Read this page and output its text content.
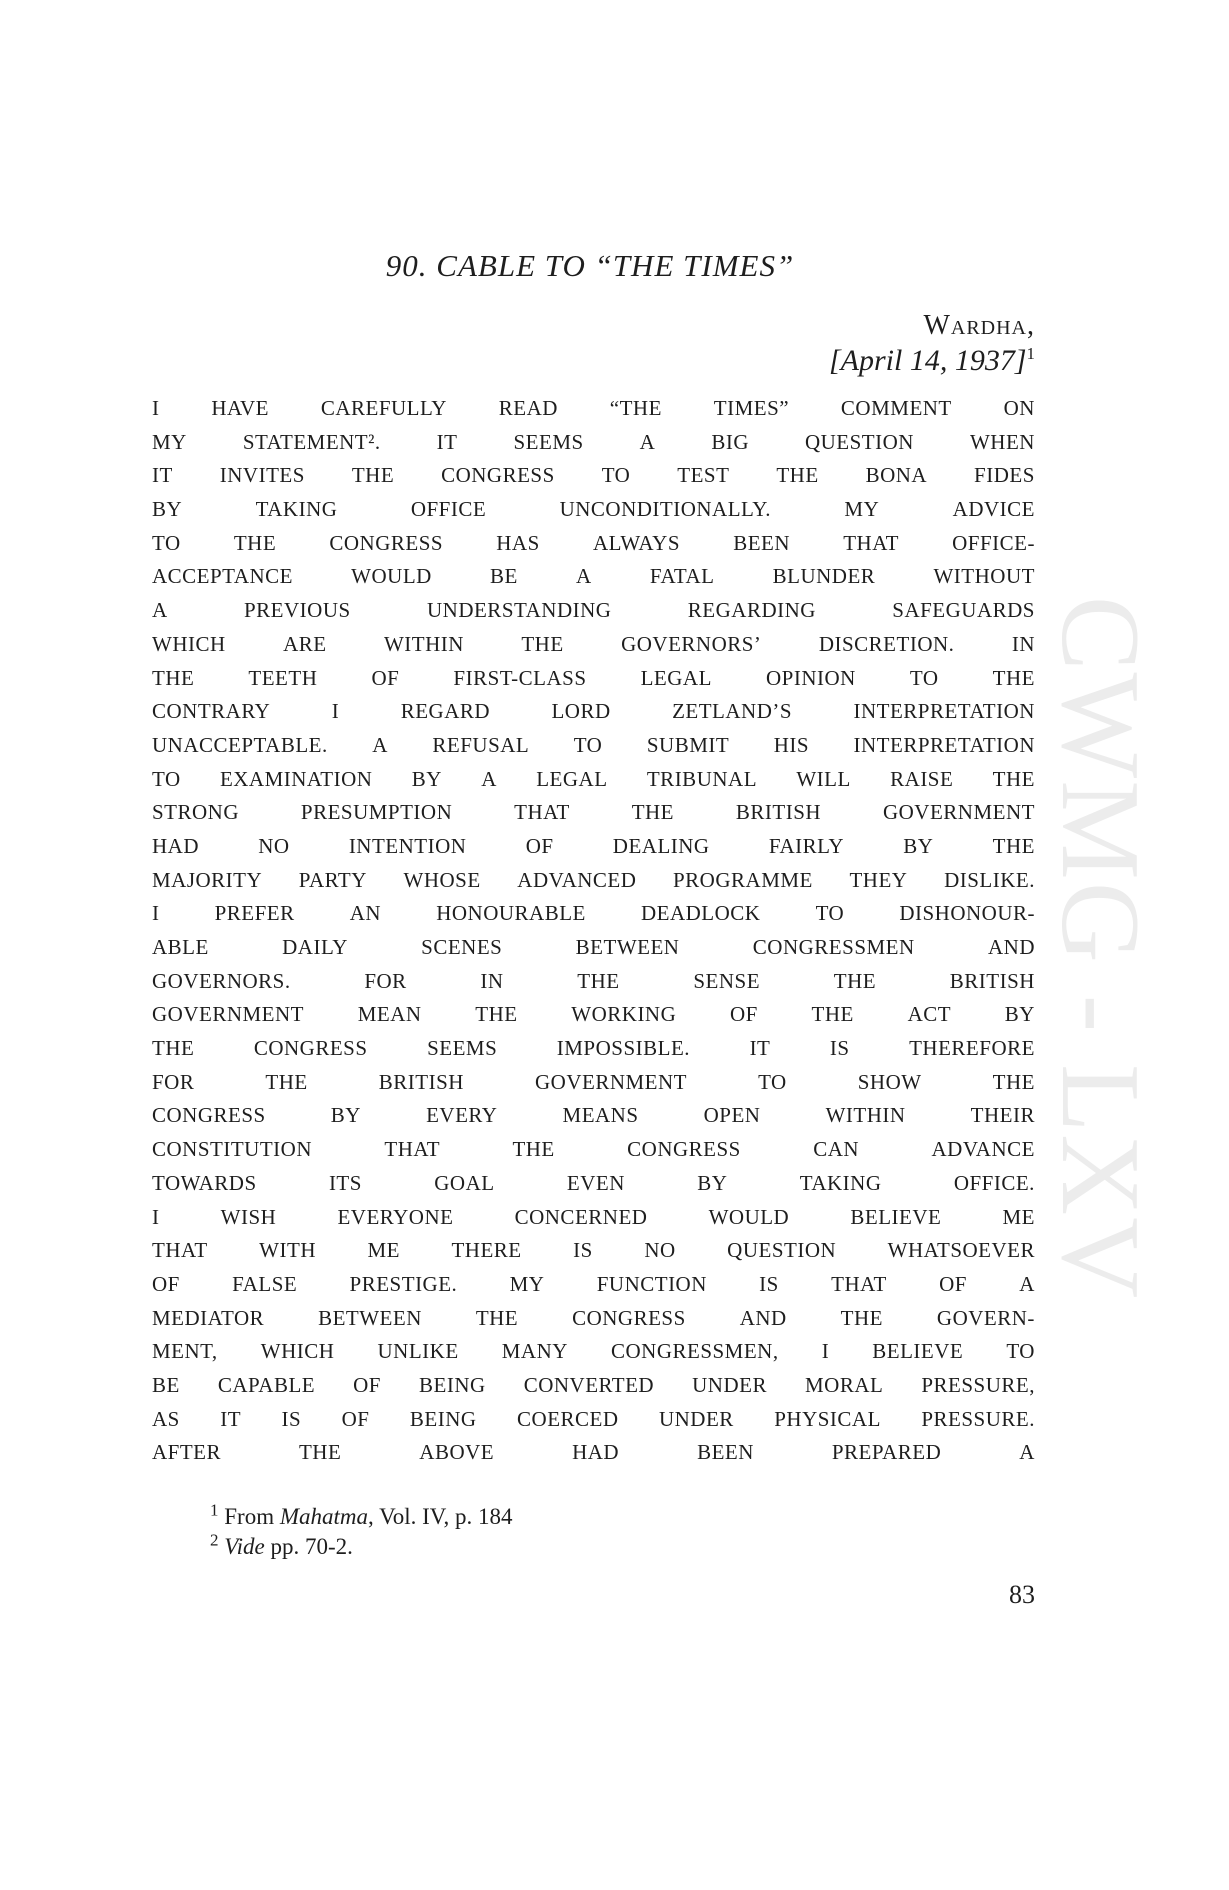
CWMG - LXV
90. CABLE TO “THE TIMES”
Wardha,
[April 14, 1937]$^1$
I HAVE CAREFULLY READ “THE TIMES” COMMENT ON
MY	STATEMENT².	IT	SEEMS	A	BIG	QUESTION	WHEN
IT INVITES THE CONGRESS TO TEST THE BONA FIDES
BY	TAKING	OFFICE	UNCONDITIONALLY.	MY	ADVICE
TO	THE	CONGRESS	HAS	ALWAYS	BEEN	THAT	OFFICE-
ACCEPTANCE	WOULD	BE	A	FATAL	BLUNDER	WITHOUT
A	PREVIOUS	UNDERSTANDING	REGARDING	SAFEGUARDS
WHICH	ARE	WITHIN	THE	GOVERNORS’	DISCRETION.	IN
THE	TEETH	OF	FIRST-CLASS	LEGAL	OPINION	TO	THE
CONTRARY	I	REGARD	LORD	ZETLAND’S	INTERPRETATION
UNACCEPTABLE. A REFUSAL TO SUBMIT HIS INTERPRETATION
TO EXAMINATION BY A LEGAL TRIBUNAL WILL RAISE THE
STRONG	PRESUMPTION	THAT	THE	BRITISH	GOVERNMENT
HAD	NO	INTENTION	OF	DEALING	FAIRLY	BY	THE
MAJORITY PARTY WHOSE ADVANCED PROGRAMME THEY DISLIKE.
I	PREFER	AN	HONOURABLE	DEADLOCK	TO	DISHONOUR-
ABLE	DAILY	SCENES	BETWEEN	CONGRESSMEN	AND
GOVERNORS.	FOR	IN	THE	SENSE	THE	BRITISH
GOVERNMENT	MEAN	THE	WORKING	OF	THE	ACT	BY
THE	CONGRESS	SEEMS	IMPOSSIBLE.	IT	IS	THEREFORE
FOR	THE	BRITISH	GOVERNMENT	TO	SHOW	THE
CONGRESS	BY	EVERY	MEANS	OPEN	WITHIN	THEIR
CONSTITUTION	THAT	THE	CONGRESS	CAN	ADVANCE
TOWARDS	ITS	GOAL	EVEN	BY	TAKING	OFFICE.
I	WISH	EVERYONE	CONCERNED	WOULD	BELIEVE	ME
THAT WITH ME THERE IS NO QUESTION WHATSOEVER
OF FALSE PRESTIGE. MY FUNCTION IS THAT OF A
MEDIATOR	BETWEEN	THE	CONGRESS	AND	THE	GOVERN-
MENT, WHICH UNLIKE MANY CONGRESSMEN, I BELIEVE TO
BE CAPABLE OF BEING CONVERTED UNDER MORAL PRESSURE,
AS IT IS OF BEING COERCED UNDER PHYSICAL PRESSURE.
AFTER	THE	ABOVE	HAD	BEEN	PREPARED	A
$^1$ From Mahatma, Vol. IV, p. 184
$^2$ Vide pp. 70-2.
83
